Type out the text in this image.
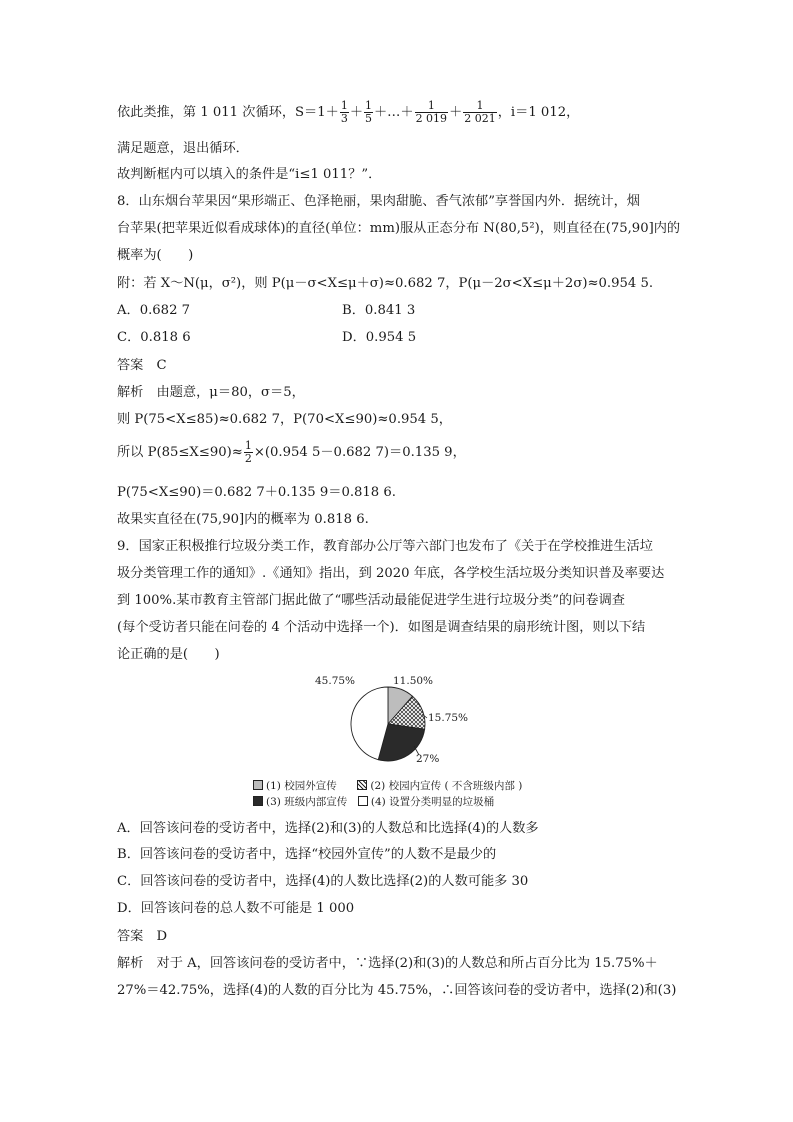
依此类推，第 1 011 次循环，$S=1+ \frac{1}{3} + \frac{1}{5}$ ＋…＋ $\frac{1}{2 019} + \frac{1}{2 021}$ ，i＝1 012，
满足题意，退出循环．
故判断框内可以填入的条件是“i≤1 011？”．
8．山东烟台苹果因“果形端正、色泽艳丽，果肉甜脆、香气浓郁”享誉国内外．据统计，烟
台苹果(把苹果近似看成球体)的直径(单位：mm)服从正态分布 N(80,5²)，则直径在(75,90]内的
概率为(　　)
附：若 X～N(μ，σ²)，则 P(μ－σ<X≤μ＋σ)≈0.682 7，P(μ－2σ<X≤μ＋2σ)≈0.954 5.
A．0.682 7	B．0.841 3
C．0.818 6	D．0.954 5
答案　C
解析　由题意，μ＝80，σ＝5，
则 P(75<X≤85)≈0.682 7，P(70<X≤90)≈0.954 5，
所以 $P(85\le X\le 90)\approx \frac{1}{2} \times(0.954$ 5－0.682 7)＝0.135 9，
P(75<X≤90)＝0.682 7＋0.135 9＝0.818 6.
故果实直径在(75,90]内的概率为 0.818 6.
9．国家正积极推行垃圾分类工作，教育部办公厅等六部门也发布了《关于在学校推进生活垃
圾分类管理工作的通知》.《通知》指出，到 2020 年底，各学校生活垃圾分类知识普及率要达
到 100%.某市教育主管部门据此做了“哪些活动最能促进学生进行垃圾分类”的问卷调查
(每个受访者只能在问卷的 4 个活动中选择一个)．如图是调查结果的扇形统计图，则以下结
论正确的是(　　)
45.75%	11.50%
15.75%
27%
(1) 校园外宣传	(2) 校园内宣传 ( 不含班级内部 )
(3) 班级内部宣传 (4) 设置分类明显的垃圾桶
A．回答该问卷的受访者中，选择(2)和(3)的人数总和比选择(4)的人数多
B．回答该问卷的受访者中，选择“校园外宣传”的人数不是最少的
C．回答该问卷的受访者中，选择(4)的人数比选择(2)的人数可能多 30
D．回答该问卷的总人数不可能是 1 000
答案　D
解析　对于 A，回答该问卷的受访者中，∵选择(2)和(3)的人数总和所占百分比为 15.75%＋
27%＝42.75%，选择(4)的人数的百分比为 45.75%，∴回答该问卷的受访者中，选择(2)和(3)
